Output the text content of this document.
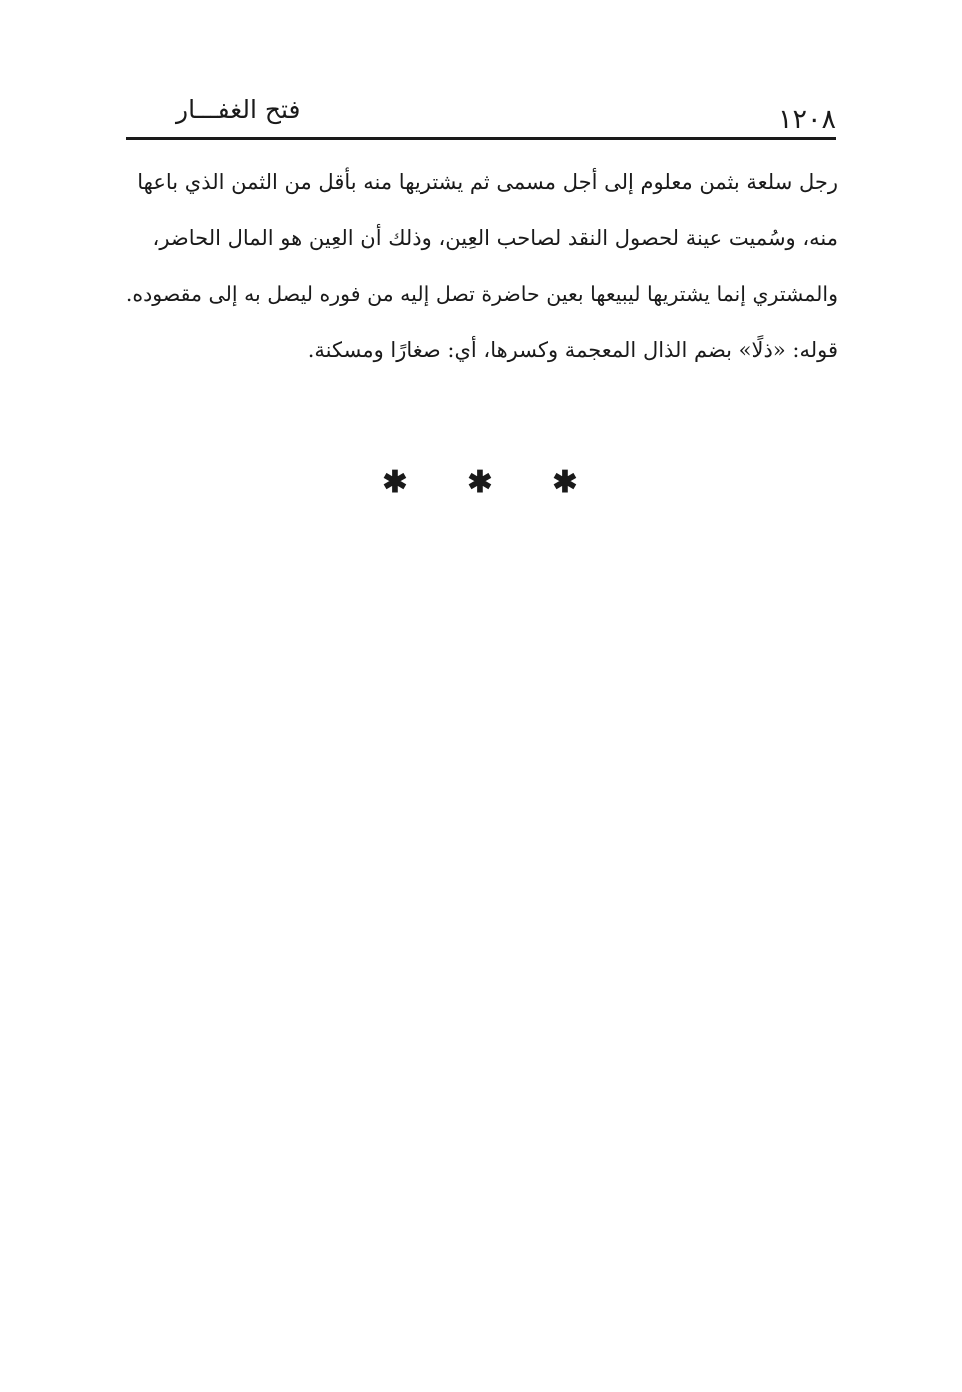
١٢٠٨
فتح الغفـــار
رجل سلعة بثمن معلوم إلى أجل مسمى ثم يشتريها منه بأقل من الثمن الذي باعها
منه، وسُميت عينة لحصول النقد لصاحب العِين، وذلك أن العِين هو المال الحاضر،
والمشتري إنما يشتريها ليبيعها بعين حاضرة تصل إليه من فوره ليصل به إلى مقصوده.
قوله: «ذلًا» بضم الذال المعجمة وكسرها، أي: صغارًا ومسكنة.
✱ ✱ ✱
